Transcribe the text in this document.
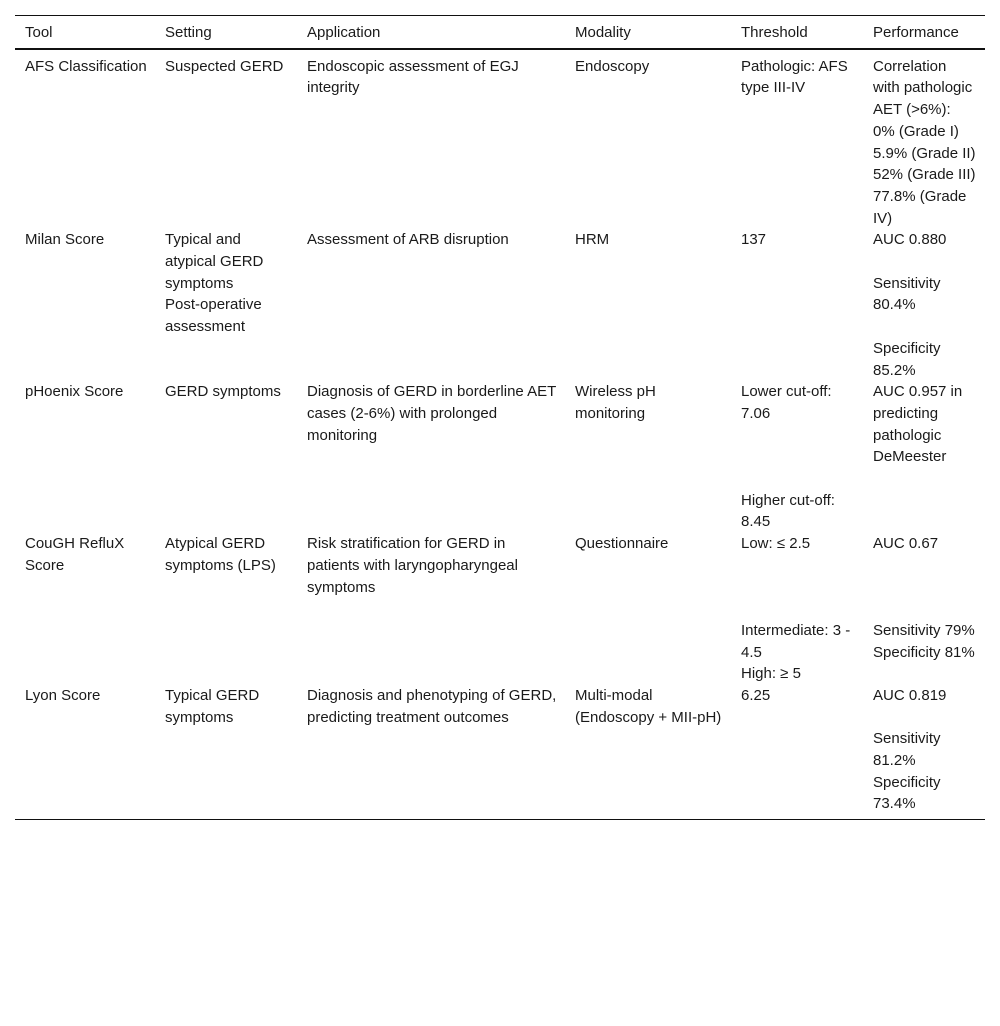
Tool	Setting	Application	Modality	Threshold	Performance
AFS Classification	Suspected GERD	Endoscopic assessment of EGJ integrity	Endoscopy	Pathologic: AFS type III-IV	Correlation with pathologic AET (>6%):
0% (Grade I)
5.9% (Grade II)
52% (Grade III)
77.8% (Grade IV)

Milan Score	Typical and atypical GERD symptoms
Post-operative assessment	Assessment of ARB disruption	HRM	137	AUC 0.880
Sensitivity 80.4%
Specificity 85.2%

pHoenix Score	GERD symptoms	Diagnosis of GERD in borderline AET cases (2-6%) with prolonged monitoring	Wireless pH monitoring	Lower cut-off: 7.06
Higher cut-off: 8.45	AUC 0.957 in predicting pathologic DeMeester
CouGH RefluX Score	Atypical GERD symptoms (LPS)	Risk stratification for GERD in patients with laryngopharyngeal symptoms	Questionnaire	Low: ≤ 2.5
Intermediate: 3 - 4.5
High: ≥ 5	AUC 0.67
Sensitivity 79%
Specificity 81%

Lyon Score	Typical GERD symptoms	Diagnosis and phenotyping of GERD, predicting treatment outcomes	Multi-modal (Endoscopy + MII-pH)	6.25	AUC 0.819
Sensitivity 81.2%
Specificity 73.4%
